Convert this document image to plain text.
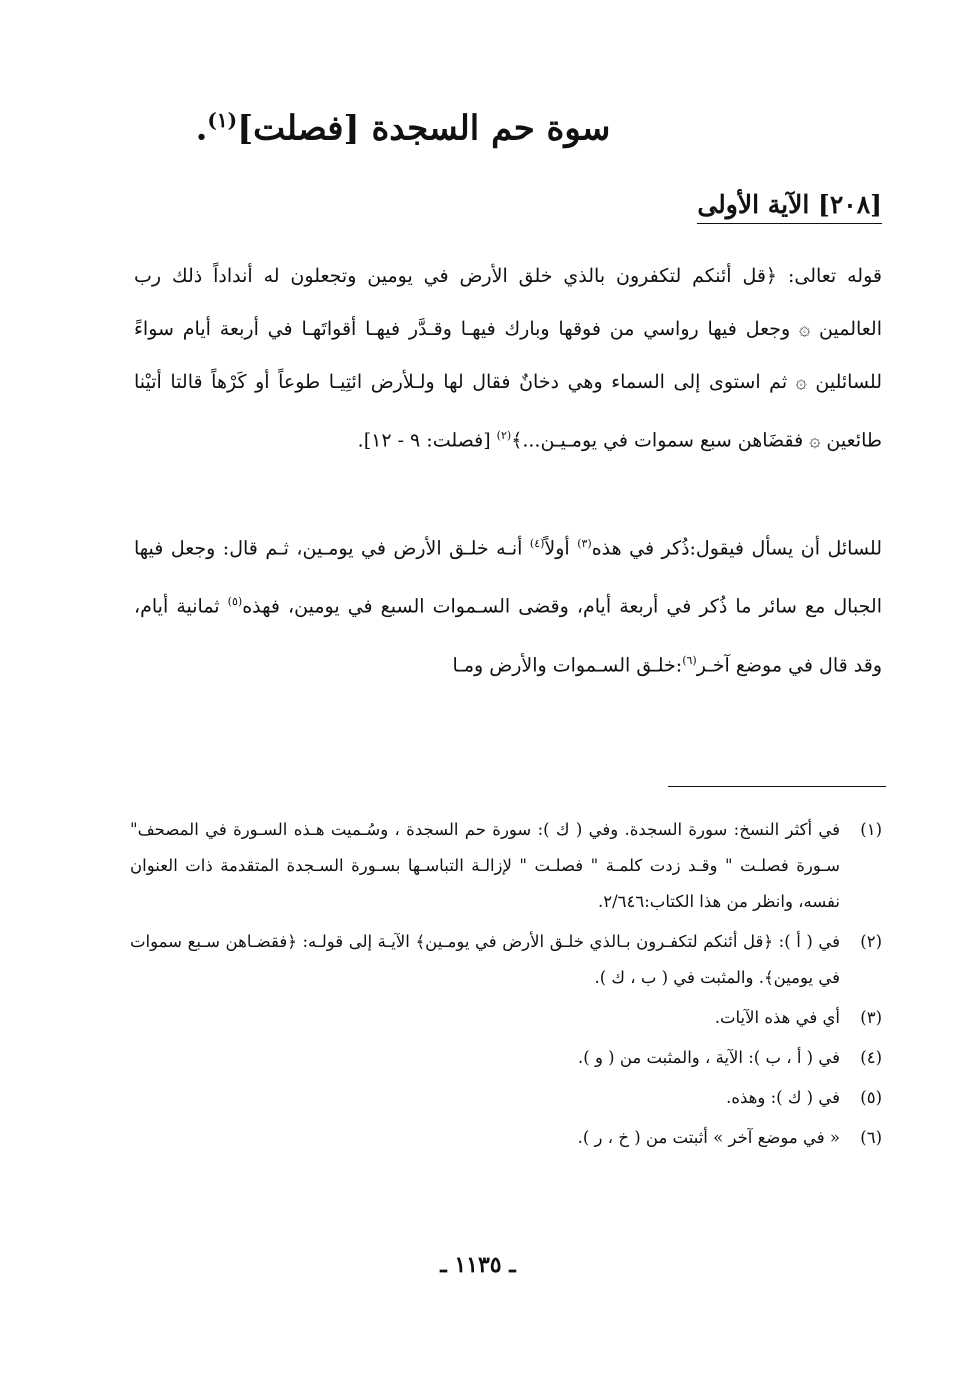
سوة حم السجدة [فصلت]$^{(١)}$.
[٢٠٨] الآية الأولى
قوله تعالى: ﴿قل أئنكم لتكفرون بالذي خلق الأرض في يومين وتجعلون له أنداداً ذلك رب العالمين ۞ وجعل فيها رواسي من فوقها وبارك فيهـا وقـدَّر فيهـا أقواتَهـا في أربعة أيام سواءً للسائلين ۞ ثم استوى إلى السماء وهي دخانٌ فقال لها ولـلأرض ائتِيـا طوعاً أو كَرْهاً قالتا أتيْنا طائعين ۞ فقضَاهن سبع سموات في يومـيـن...﴾$^{(٢)}$ [فصلت: ٩ - ١٢].
للسائل أن يسأل فيقول:ذُكر في هذه$^{(٣)}$ أولاً$^{(٤)}$ أنـه خلـق الأرض في يومـين، ثـم قال: وجعل فيها الجبال مع سائر ما ذُكر في أربعة أيام، وقضى السـموات السبع في يومين، فهذه$^{(٥)}$ ثمانية أيام، وقد قال في موضع آخـر$^{(٦)}$:خلـق السـموات والأرض ومـا
(١)
في أكثر النسخ: سورة السجدة. وفي ( ك ): سورة حم السجدة ، وسُـميت هـذه السـورة في المصحف" سـورة فصلـت " وقـد زدت كلمـة " فصلـت " لإزالـة التباسـها بسـورة السـجدة المتقدمة ذات العنوان نفسه، وانظر من هذا الكتاب:٢/٦٤٦.
(٢)
في ( أ ): ﴿قل أئنكم لتكفـرون بـالذي خلـق الأرض في يومـين﴾ الآيـة إلى قولـه: ﴿فقضـاهن سـبع سموات في يومين﴾. والمثبت في ( ب ، ك ).
(٣)
أي في هذه الآيات.
(٤)
في ( أ ، ب ): الآية ، والمثبت من ( و ).
(٥)
في ( ك ): وهذه.
(٦)
« في موضع آخر » أثبتت من ( خ ، ر ).
ـ ١١٣٥ ـ
